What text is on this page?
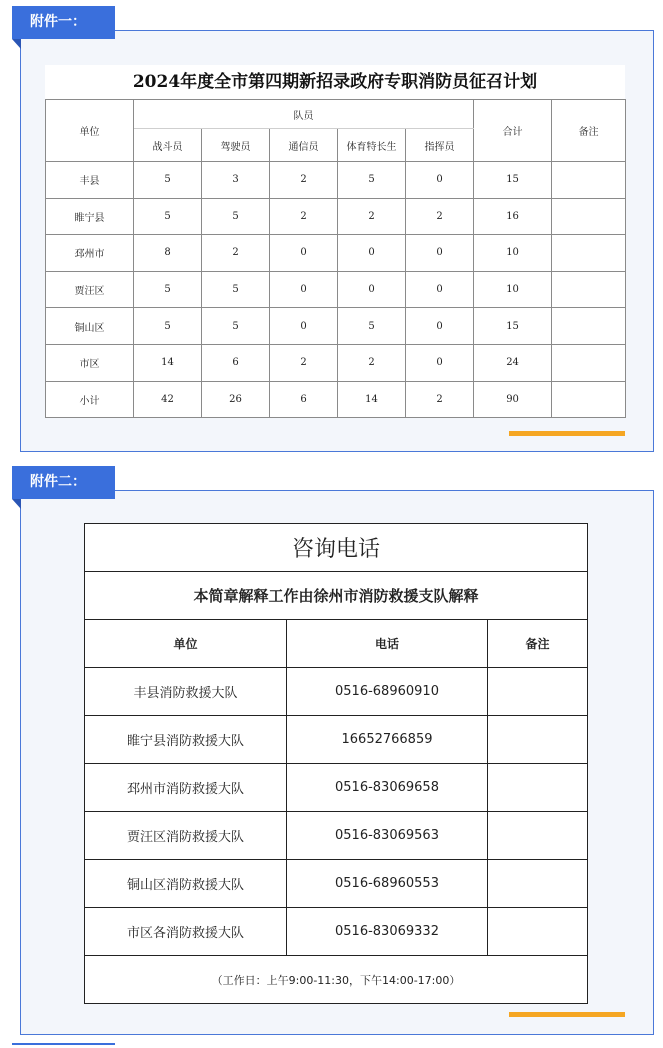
附件一：
2024年度全市第四期新招录政府专职消防员征召计划
单位	队员					合计	备注
	战斗员	驾驶员	通信员	体育特长生	指挥员		
丰县	5	3	2	5	0	15	
睢宁县	5	5	2	2	2	16	
邳州市	8	2	0	0	0	10	
贾汪区	5	5	0	0	0	10	
铜山区	5	5	0	5	0	15	
市区	14	6	2	2	0	24	
小计	42	26	6	14	2	90	
附件二：
咨询电话		
本简章解释工作由徐州市消防救援支队解释		
单位	电话	备注
丰县消防救援大队	0516-68960910	
睢宁县消防救援大队	16652766859	
邳州市消防救援大队	0516-83069658	
贾汪区消防救援大队	0516-83069563	
铜山区消防救援大队	0516-68960553	
市区各消防救援大队	0516-83069332	
（工作日：上午9:00-11:30，下午14:00-17:00）		
